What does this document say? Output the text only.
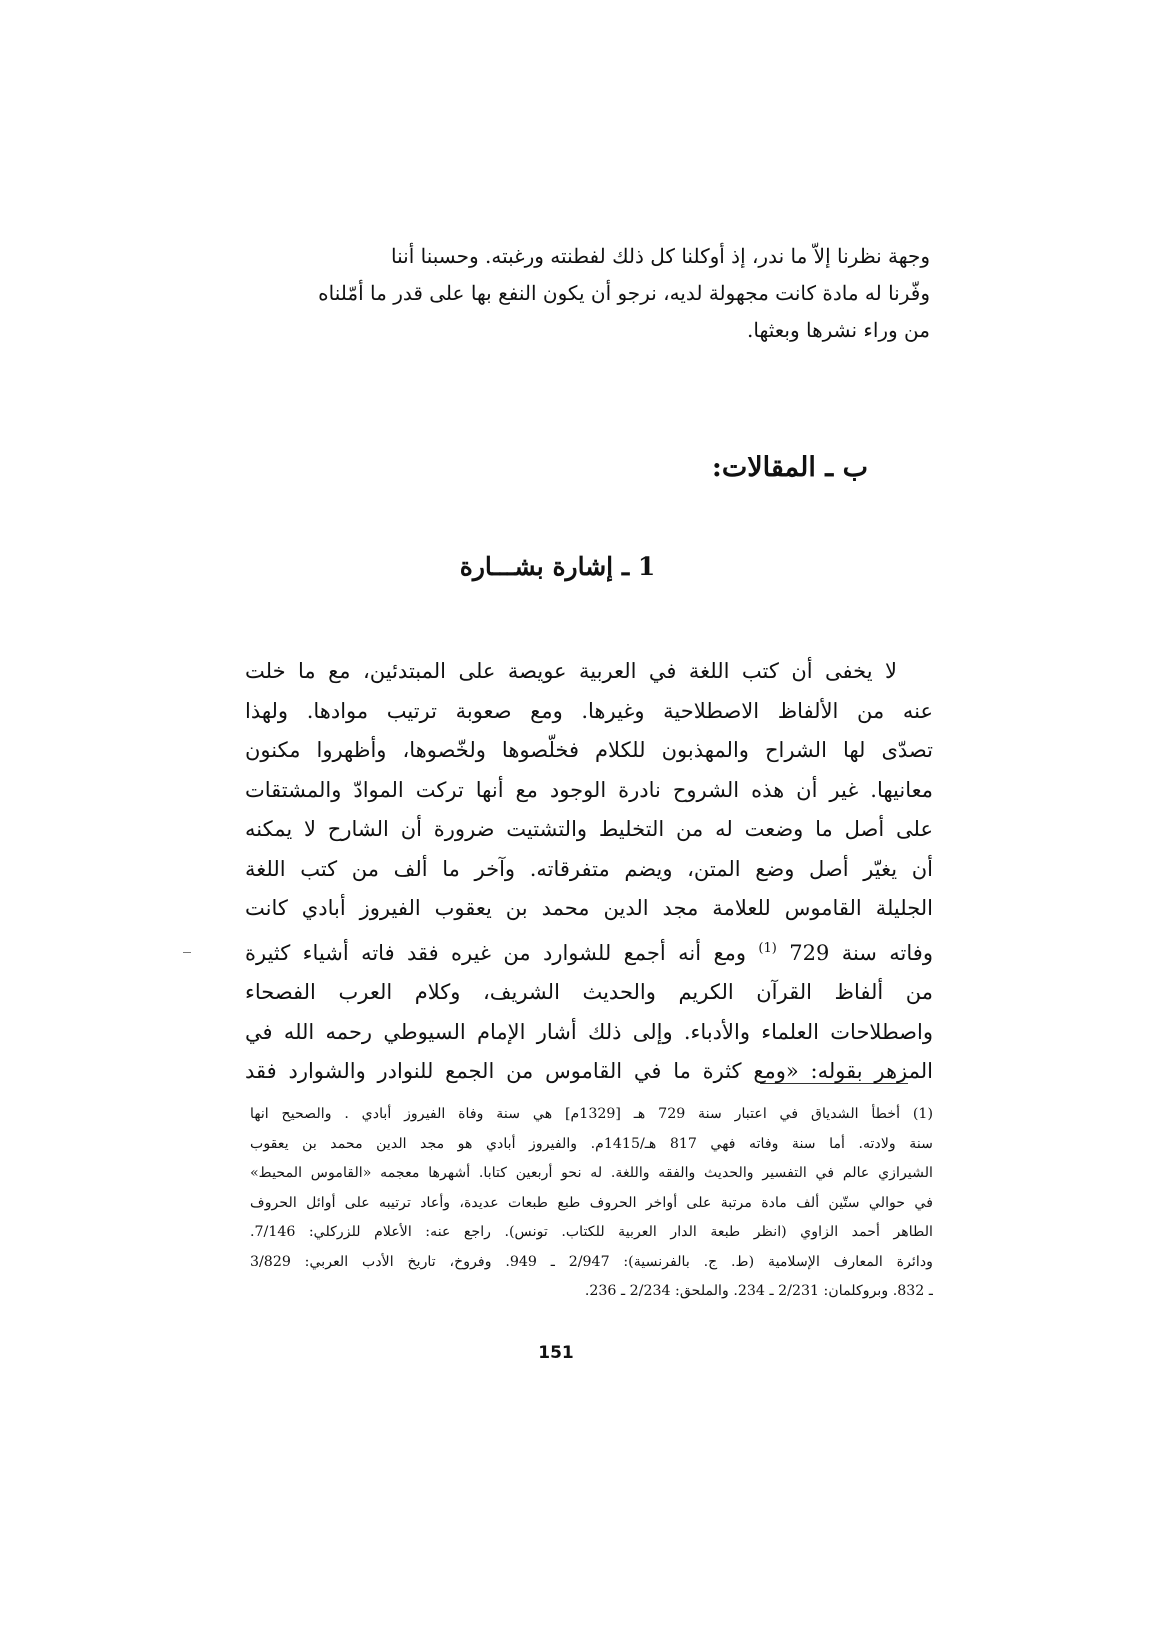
وجهة نظرنا إلاّ ما ندر، إذ أوكلنا كل ذلك لفطنته ورغبته. وحسبنا أننا
وفّرنا له مادة كانت مجهولة لديه، نرجو أن يكون النفع بها على قدر ما أمّلناه
من وراء نشرها وبعثها.

ب ـ المقالات:
1 ـ إشارة بشـــارة
لا يخفى أن كتب اللغة في العربية عويصة على المبتدئين، مع ما خلت
عنه من الألفاظ الاصطلاحية وغيرها. ومع صعوبة ترتيب موادها. ولهذا
تصدّى لها الشراح والمهذبون للكلام فخلّصوها ولخّصوها، وأظهروا مكنون
معانيها. غير أن هذه الشروح نادرة الوجود مع أنها تركت الموادّ والمشتقات
على أصل ما وضعت له من التخليط والتشتيت ضرورة أن الشارح لا يمكنه
أن يغيّر أصل وضع المتن، ويضم متفرقاته. وآخر ما ألف من كتب اللغة
الجليلة القاموس للعلامة مجد الدين محمد بن يعقوب الفيروز أبادي كانت
وفاته سنة 729 $^{(1)}$ ومع أنه أجمع للشوارد من غيره فقد فاته أشياء كثيرة
من ألفاظ القرآن الكريم والحديث الشريف، وكلام العرب الفصحاء
واصطلاحات العلماء والأدباء. وإلى ذلك أشار الإمام السيوطي رحمه الله في
المزهر بقوله: «ومع كثرة ما في القاموس من الجمع للنوادر والشوارد فقد
(1) أخطأ الشدياق في اعتبار سنة 729 هـ [1329م] هي سنة وفاة الفيروز أبادي . والصحيح انها
سنة ولادته. أما سنة وفاته فهي 817 هـ/1415م. والفيروز أبادي هو مجد الدين محمد بن يعقوب
الشيرازي عالم في التفسير والحديث والفقه واللغة. له نحو أربعين كتابا. أشهرها معجمه «القاموس المحيط»
في حوالي ستّين ألف مادة مرتبة على أواخر الحروف طبع طبعات عديدة، وأعاد ترتيبه على أوائل الحروف
الطاهر أحمد الزاوي (انظر طبعة الدار العربية للكتاب. تونس). راجع عنه: الأعلام للزركلي: 7/146.
ودائرة المعارف الإسلامية (ط. ج. بالفرنسية): 2/947 ـ 949. وفروخ، تاريخ الأدب العربي: 3/829
ـ 832. وبروكلمان: 2/231 ـ 234. والملحق: 2/234 ـ 236.
151
